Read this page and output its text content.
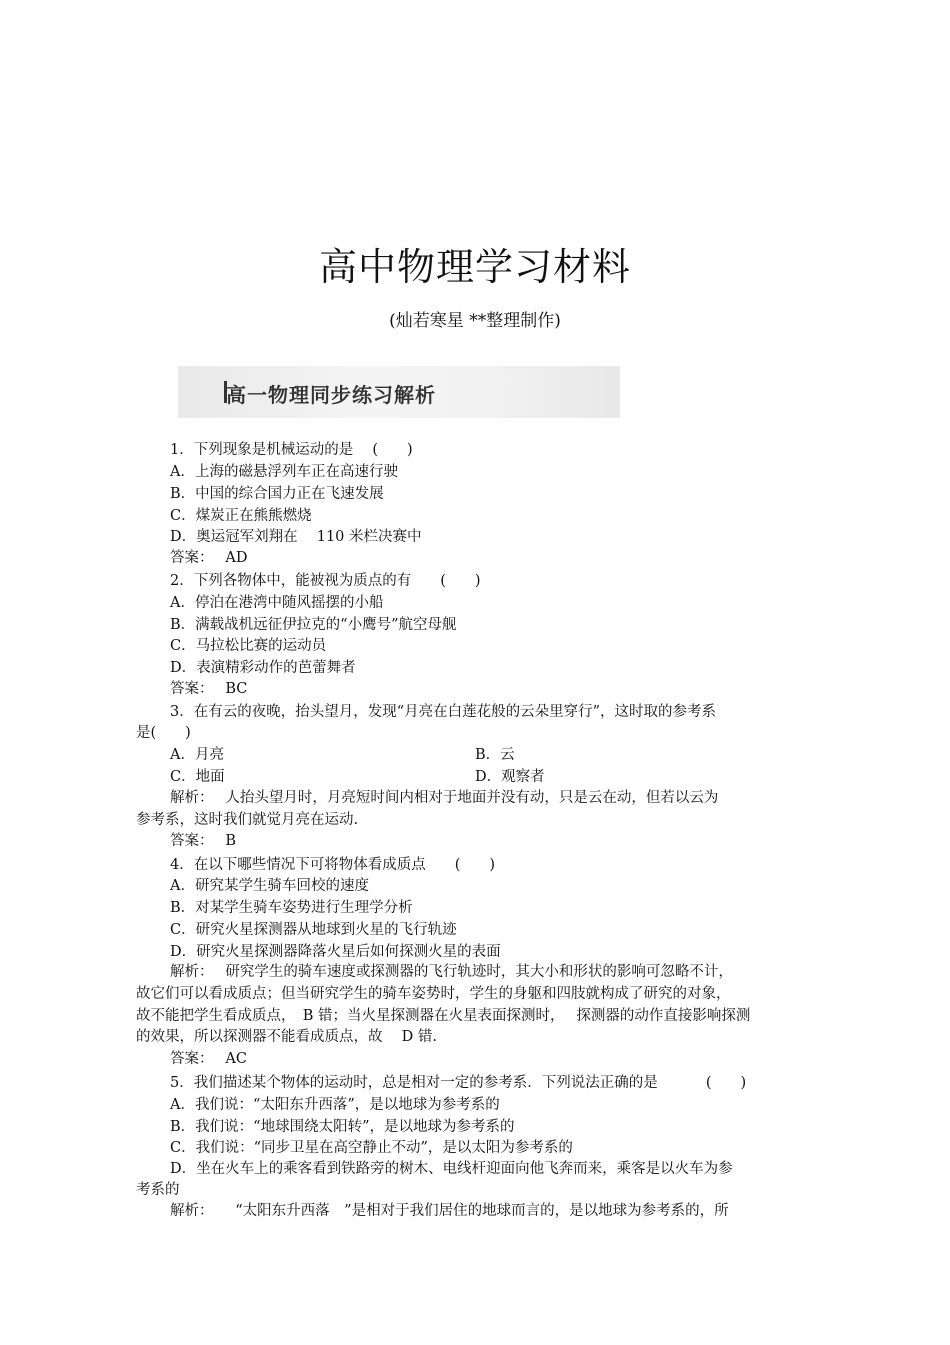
高中物理学习材料
(灿若寒星 **整理制作)
高一物理同步练习解析
1．下列现象是机械运动的是　 (　　)
A．上海的磁悬浮列车正在高速行驶
B．中国的综合国力正在飞速发展
C．煤炭正在熊熊燃烧
D．奥运冠军刘翔在　 110 米栏决赛中
答案：　 AD
2．下列各物体中，能被视为质点的有　　(　　)
A．停泊在港湾中随风摇摆的小船
B．满载战机远征伊拉克的“小鹰号”航空母舰
C．马拉松比赛的运动员
D．表演精彩动作的芭蕾舞者
答案：　 BC
3．在有云的夜晚，抬头望月，发现“月亮在白莲花般的云朵里穿行”，这时取的参考系
是(　　)
A．月亮	B．云
C．地面	D．观察者
解析：　 人抬头望月时，月亮短时间内相对于地面并没有动，只是云在动，但若以云为
参考系，这时我们就觉月亮在运动.
答案：　 B
4．在以下哪些情况下可将物体看成质点　　(　　)
A．研究某学生骑车回校的速度
B．对某学生骑车姿势进行生理学分析
C．研究火星探测器从地球到火星的飞行轨迹
D．研究火星探测器降落火星后如何探测火星的表面
解析：　 研究学生的骑车速度或探测器的飞行轨迹时，其大小和形状的影响可忽略不计，
故它们可以看成质点；但当研究学生的骑车姿势时，学生的身躯和四肢就构成了研究的对象，
故不能把学生看成质点，　B 错；当火星探测器在火星表面探测时，　 探测器的动作直接影响探测
的效果，所以探测器不能看成质点，故　 D 错.
答案：　 AC
5．我们描述某个物体的运动时，总是相对一定的参考系．下列说法正确的是　　　 (　　)
A．我们说：“太阳东升西落”，是以地球为参考系的
B．我们说：“地球围绕太阳转”，是以地球为参考系的
C．我们说：“同步卫星在高空静止不动”，是以太阳为参考系的
D．坐在火车上的乘客看到铁路旁的树木、电线杆迎面向他飞奔而来，乘客是以火车为参
考系的
解析：　　“太阳东升西落　”是相对于我们居住的地球而言的，是以地球为参考系的，所
